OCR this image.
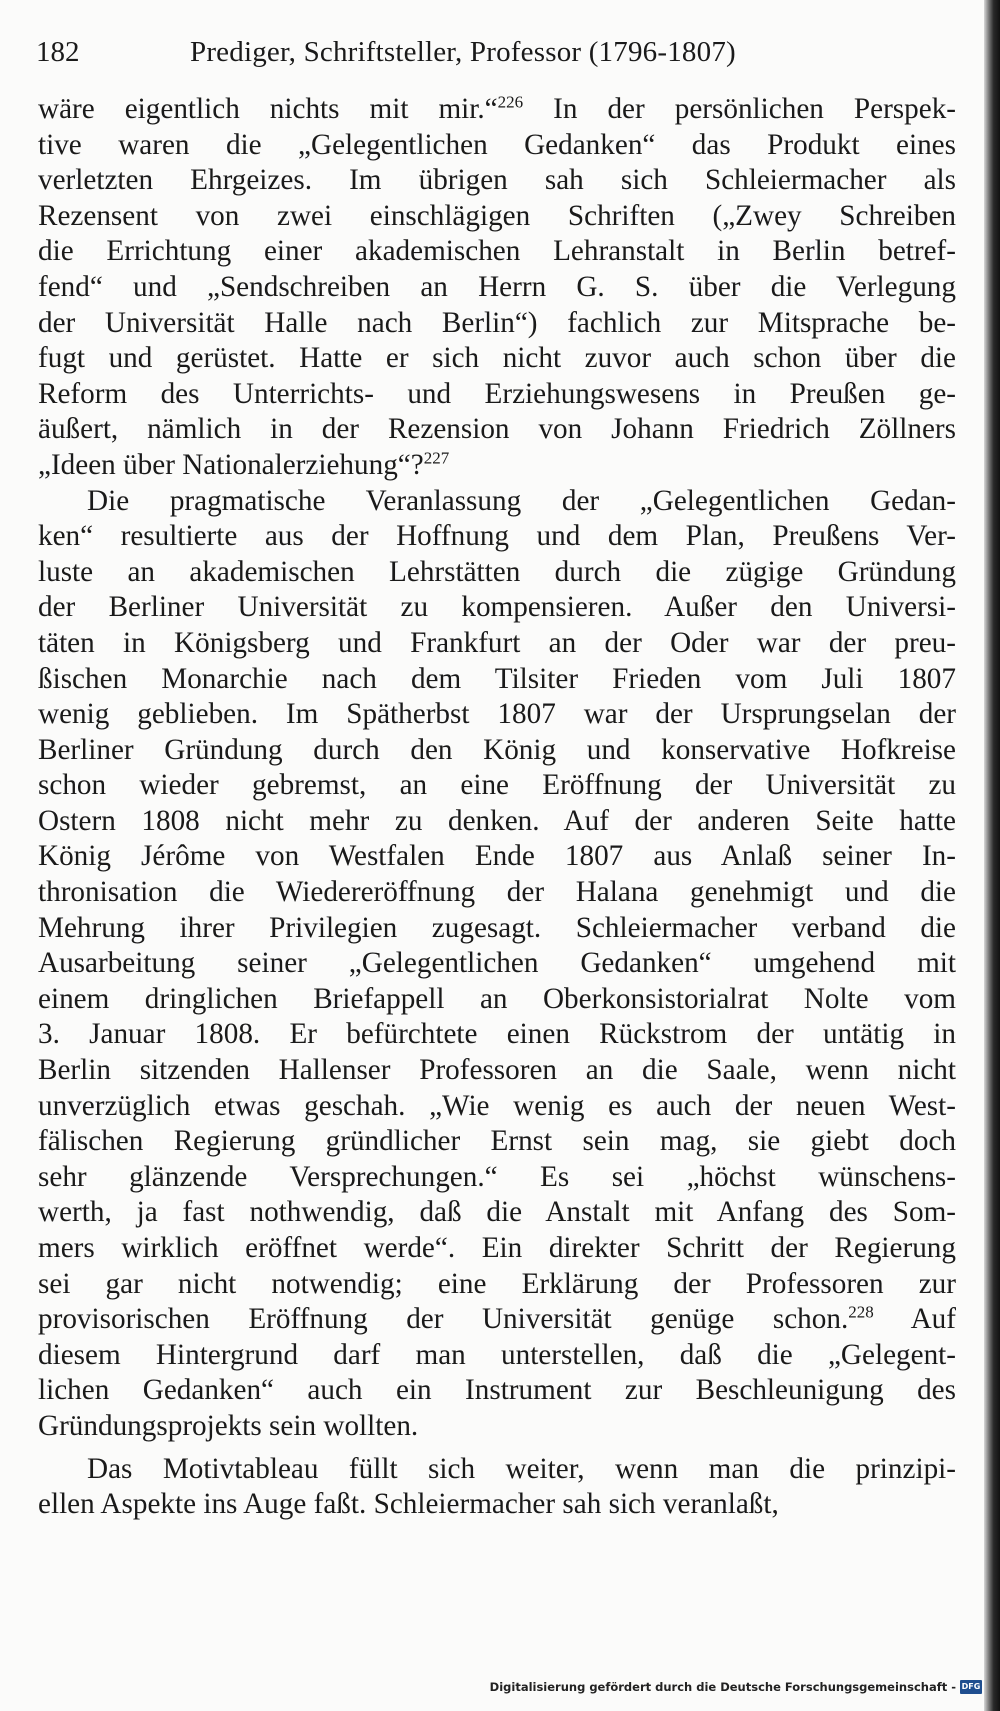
182	Prediger, Schriftsteller, Professor (1796-1807)
wäre eigentlich nichts mit mir.“$^{226}$ In der persönlichen Perspek-
tive waren die „Gelegentlichen Gedanken“ das Produkt eines
verletzten Ehrgeizes. Im übrigen sah sich Schleiermacher als
Rezensent von zwei einschlägigen Schriften („Zwey Schreiben
die Errichtung einer akademischen Lehranstalt in Berlin betref-
fend“ und „Sendschreiben an Herrn G. S. über die Verlegung
der Universität Halle nach Berlin“) fachlich zur Mitsprache be-
fugt und gerüstet. Hatte er sich nicht zuvor auch schon über die
Reform des Unterrichts- und Erziehungswesens in Preußen ge-
äußert, nämlich in der Rezension von Johann Friedrich Zöllners
„Ideen über Nationalerziehung“?$^{227}$
Die pragmatische Veranlassung der „Gelegentlichen Gedan-
ken“ resultierte aus der Hoffnung und dem Plan, Preußens Ver-
luste an akademischen Lehrstätten durch die zügige Gründung
der Berliner Universität zu kompensieren. Außer den Universi-
täten in Königsberg und Frankfurt an der Oder war der preu-
ßischen Monarchie nach dem Tilsiter Frieden vom Juli 1807
wenig geblieben. Im Spätherbst 1807 war der Ursprungselan der
Berliner Gründung durch den König und konservative Hofkreise
schon wieder gebremst, an eine Eröffnung der Universität zu
Ostern 1808 nicht mehr zu denken. Auf der anderen Seite hatte
König Jérôme von Westfalen Ende 1807 aus Anlaß seiner In-
thronisation die Wiedereröffnung der Halana genehmigt und die
Mehrung ihrer Privilegien zugesagt. Schleiermacher verband die
Ausarbeitung seiner „Gelegentlichen Gedanken“ umgehend mit
einem dringlichen Briefappell an Oberkonsistorialrat Nolte vom
3. Januar 1808. Er befürchtete einen Rückstrom der untätig in
Berlin sitzenden Hallenser Professoren an die Saale, wenn nicht
unverzüglich etwas geschah. „Wie wenig es auch der neuen West-
fälischen Regierung gründlicher Ernst sein mag, sie giebt doch
sehr glänzende Versprechungen.“ Es sei „höchst wünschens-
werth, ja fast nothwendig, daß die Anstalt mit Anfang des Som-
mers wirklich eröffnet werde“. Ein direkter Schritt der Regierung
sei gar nicht notwendig; eine Erklärung der Professoren zur
provisorischen Eröffnung der Universität genüge schon.$^{228}$ Auf
diesem Hintergrund darf man unterstellen, daß die „Gelegent-
lichen Gedanken“ auch ein Instrument zur Beschleunigung des
Gründungsprojekts sein wollten.
Das Motivtableau füllt sich weiter, wenn man die prinzipi-
ellen Aspekte ins Auge faßt. Schleiermacher sah sich veranlaßt,
Digitalisierung gefördert durch die Deutsche Forschungsgemeinschaft - DFG
